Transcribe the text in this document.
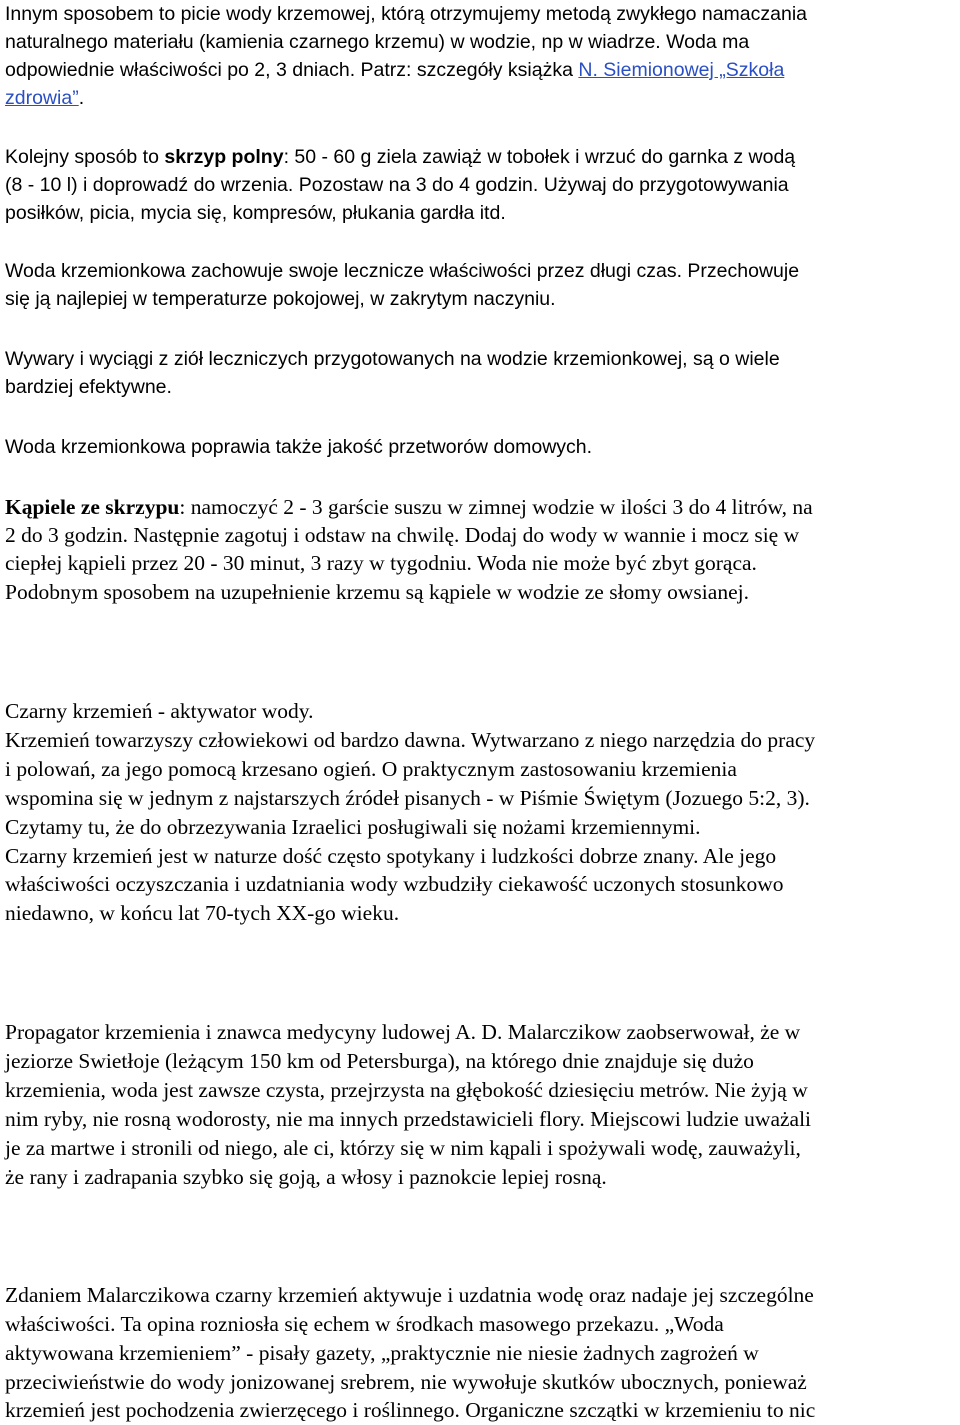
Innym sposobem to picie wody krzemowej, którą otrzymujemy metodą zwykłego namaczania
naturalnego materiału (kamienia czarnego krzemu) w wodzie, np w wiadrze. Woda ma
odpowiednie właściwości po 2, 3 dniach. Patrz: szczegóły książka N. Siemionowej „Szkoła
zdrowia”.
Kolejny sposób to skrzyp polny: 50 - 60 g ziela zawiąż w tobołek i wrzuć do garnka z wodą
(8 - 10 l) i doprowadź do wrzenia. Pozostaw na 3 do 4 godzin. Używaj do przygotowywania
posiłków, picia, mycia się, kompresów, płukania gardła itd.
Woda krzemionkowa zachowuje swoje lecznicze właściwości przez długi czas. Przechowuje
się ją najlepiej w temperaturze pokojowej, w zakrytym naczyniu.
Wywary i wyciągi z ziół leczniczych przygotowanych na wodzie krzemionkowej, są o wiele
bardziej efektywne.
Woda krzemionkowa poprawia także jakość przetworów domowych.
Kąpiele ze skrzypu: namoczyć 2 - 3 garście suszu w zimnej wodzie w ilości 3 do 4 litrów, na
2 do 3 godzin. Następnie zagotuj i odstaw na chwilę. Dodaj do wody w wannie i mocz się w
ciepłej kąpieli przez 20 - 30 minut, 3 razy w tygodniu. Woda nie może być zbyt gorąca.
Podobnym sposobem na uzupełnienie krzemu są kąpiele w wodzie ze słomy owsianej.
Czarny krzemień - aktywator wody.
Krzemień towarzyszy człowiekowi od bardzo dawna. Wytwarzano z niego narzędzia do pracy
i polowań, za jego pomocą krzesano ogień. O praktycznym zastosowaniu krzemienia
wspomina się w jednym z najstarszych źródeł pisanych - w Piśmie Świętym (Jozuego 5:2, 3).
Czytamy tu, że do obrzezywania Izraelici posługiwali się nożami krzemiennymi.
Czarny krzemień jest w naturze dość często spotykany i ludzkości dobrze znany. Ale jego
właściwości oczyszczania i uzdatniania wody wzbudziły ciekawość uczonych stosunkowo
niedawno, w końcu lat 70-tych XX-go wieku.
Propagator krzemienia i znawca medycyny ludowej A. D. Malarczikow zaobserwował, że w
jeziorze Swietłoje (leżącym 150 km od Petersburga), na którego dnie znajduje się dużo
krzemienia, woda jest zawsze czysta, przejrzysta na głębokość dziesięciu metrów. Nie żyją w
nim ryby, nie rosną wodorosty, nie ma innych przedstawicieli flory. Miejscowi ludzie uważali
je za martwe i stronili od niego, ale ci, którzy się w nim kąpali i spożywali wodę, zauważyli,
że rany i zadrapania szybko się goją, a włosy i paznokcie lepiej rosną.
Zdaniem Malarczikowa czarny krzemień aktywuje i uzdatnia wodę oraz nadaje jej szczególne
właściwości. Ta opina rozniosła się echem w środkach masowego przekazu. „Woda
aktywowana krzemieniem” - pisały gazety, „praktycznie nie niesie żadnych zagrożeń w
przeciwieństwie do wody jonizowanej srebrem, nie wywołuje skutków ubocznych, ponieważ
krzemień jest pochodzenia zwierzęcego i roślinnego. Organiczne szczątki w krzemieniu to nic
